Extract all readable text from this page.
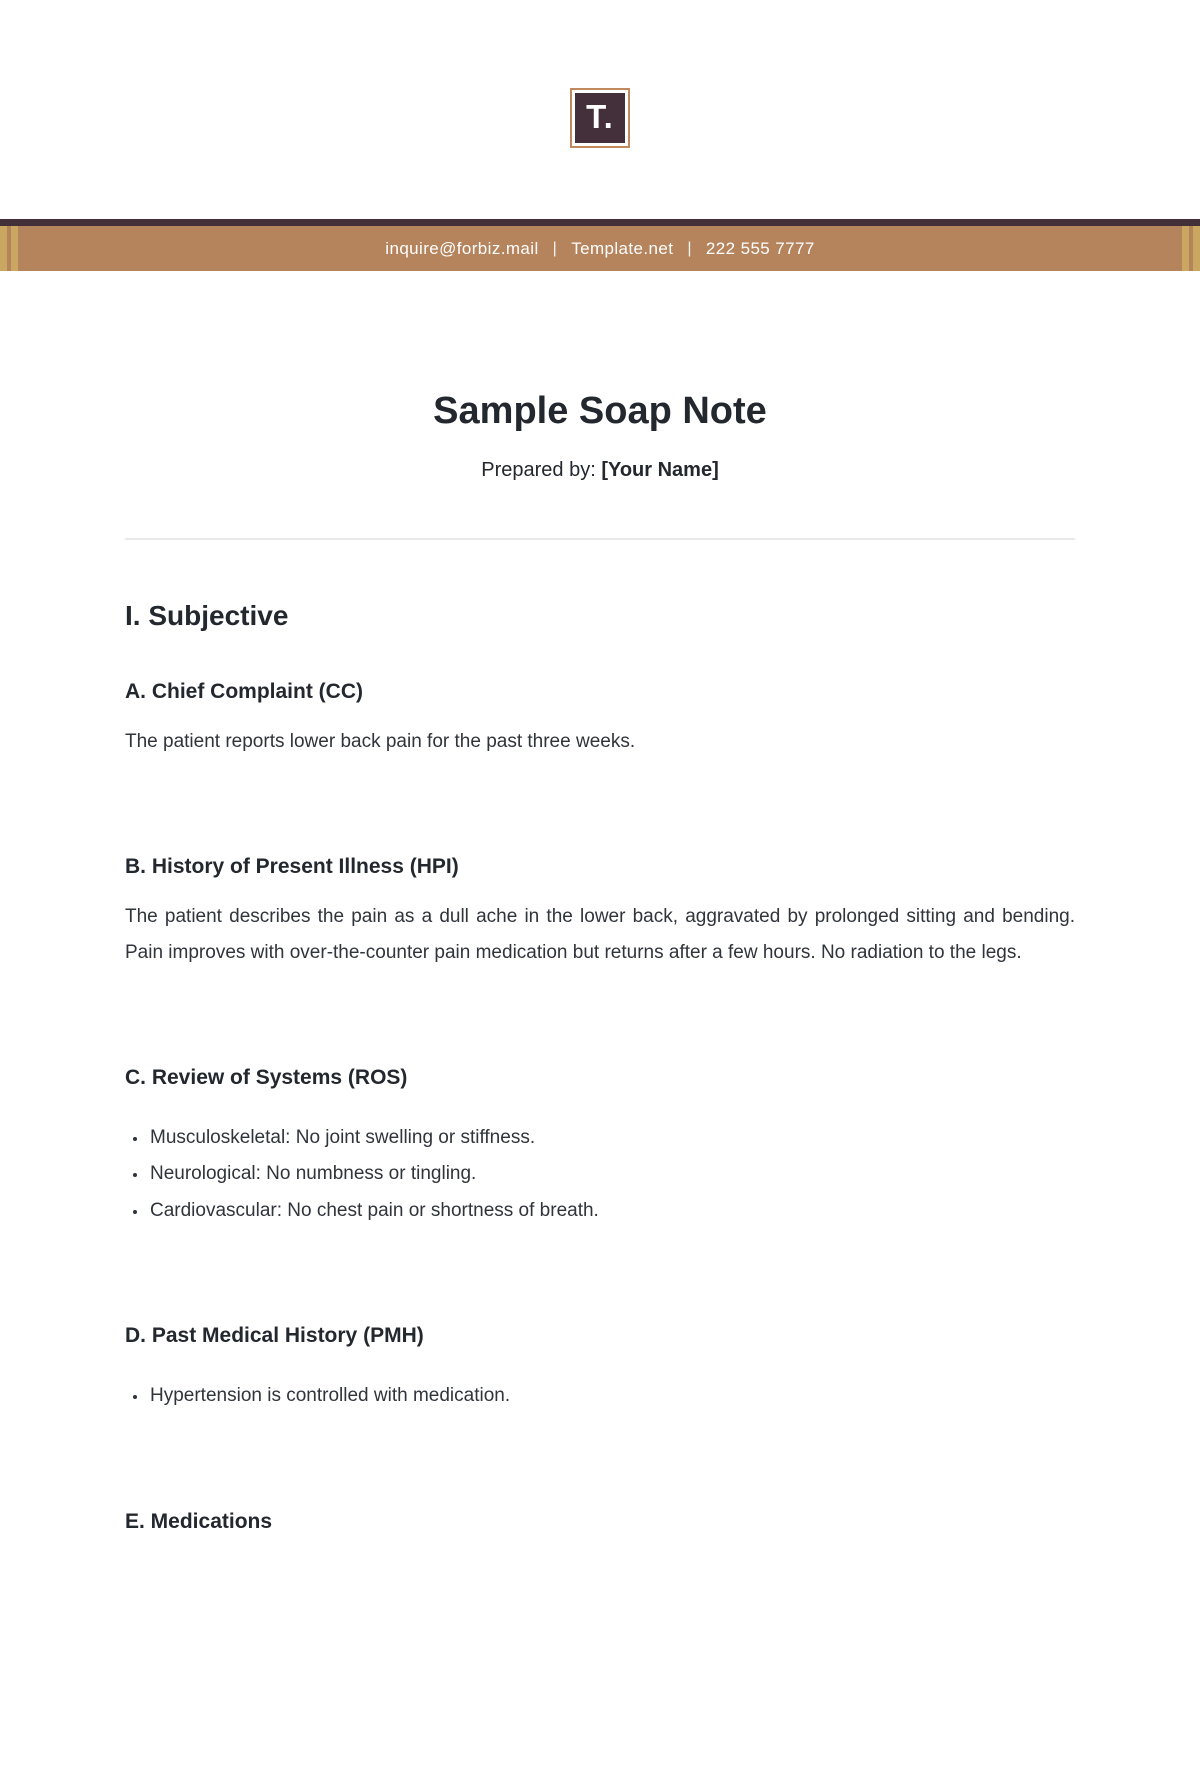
T.
inquire@forbiz.mail | Template.net | 222 555 7777
Sample Soap Note

Prepared by: [Your Name]

I. Subjective
A. Chief Complaint (CC)

The patient reports lower back pain for the past three weeks.

B. History of Present Illness (HPI)

The patient describes the pain as a dull ache in the lower back, aggravated by prolonged sitting and bending. Pain improves with over-the-counter pain medication but returns after a few hours. No radiation to the legs.

C. Review of Systems (ROS)
• Musculoskeletal: No joint swelling or stiffness.
• Neurological: No numbness or tingling.
• Cardiovascular: No chest pain or shortness of breath.
D. Past Medical History (PMH)
• Hypertension is controlled with medication.
E. Medications
